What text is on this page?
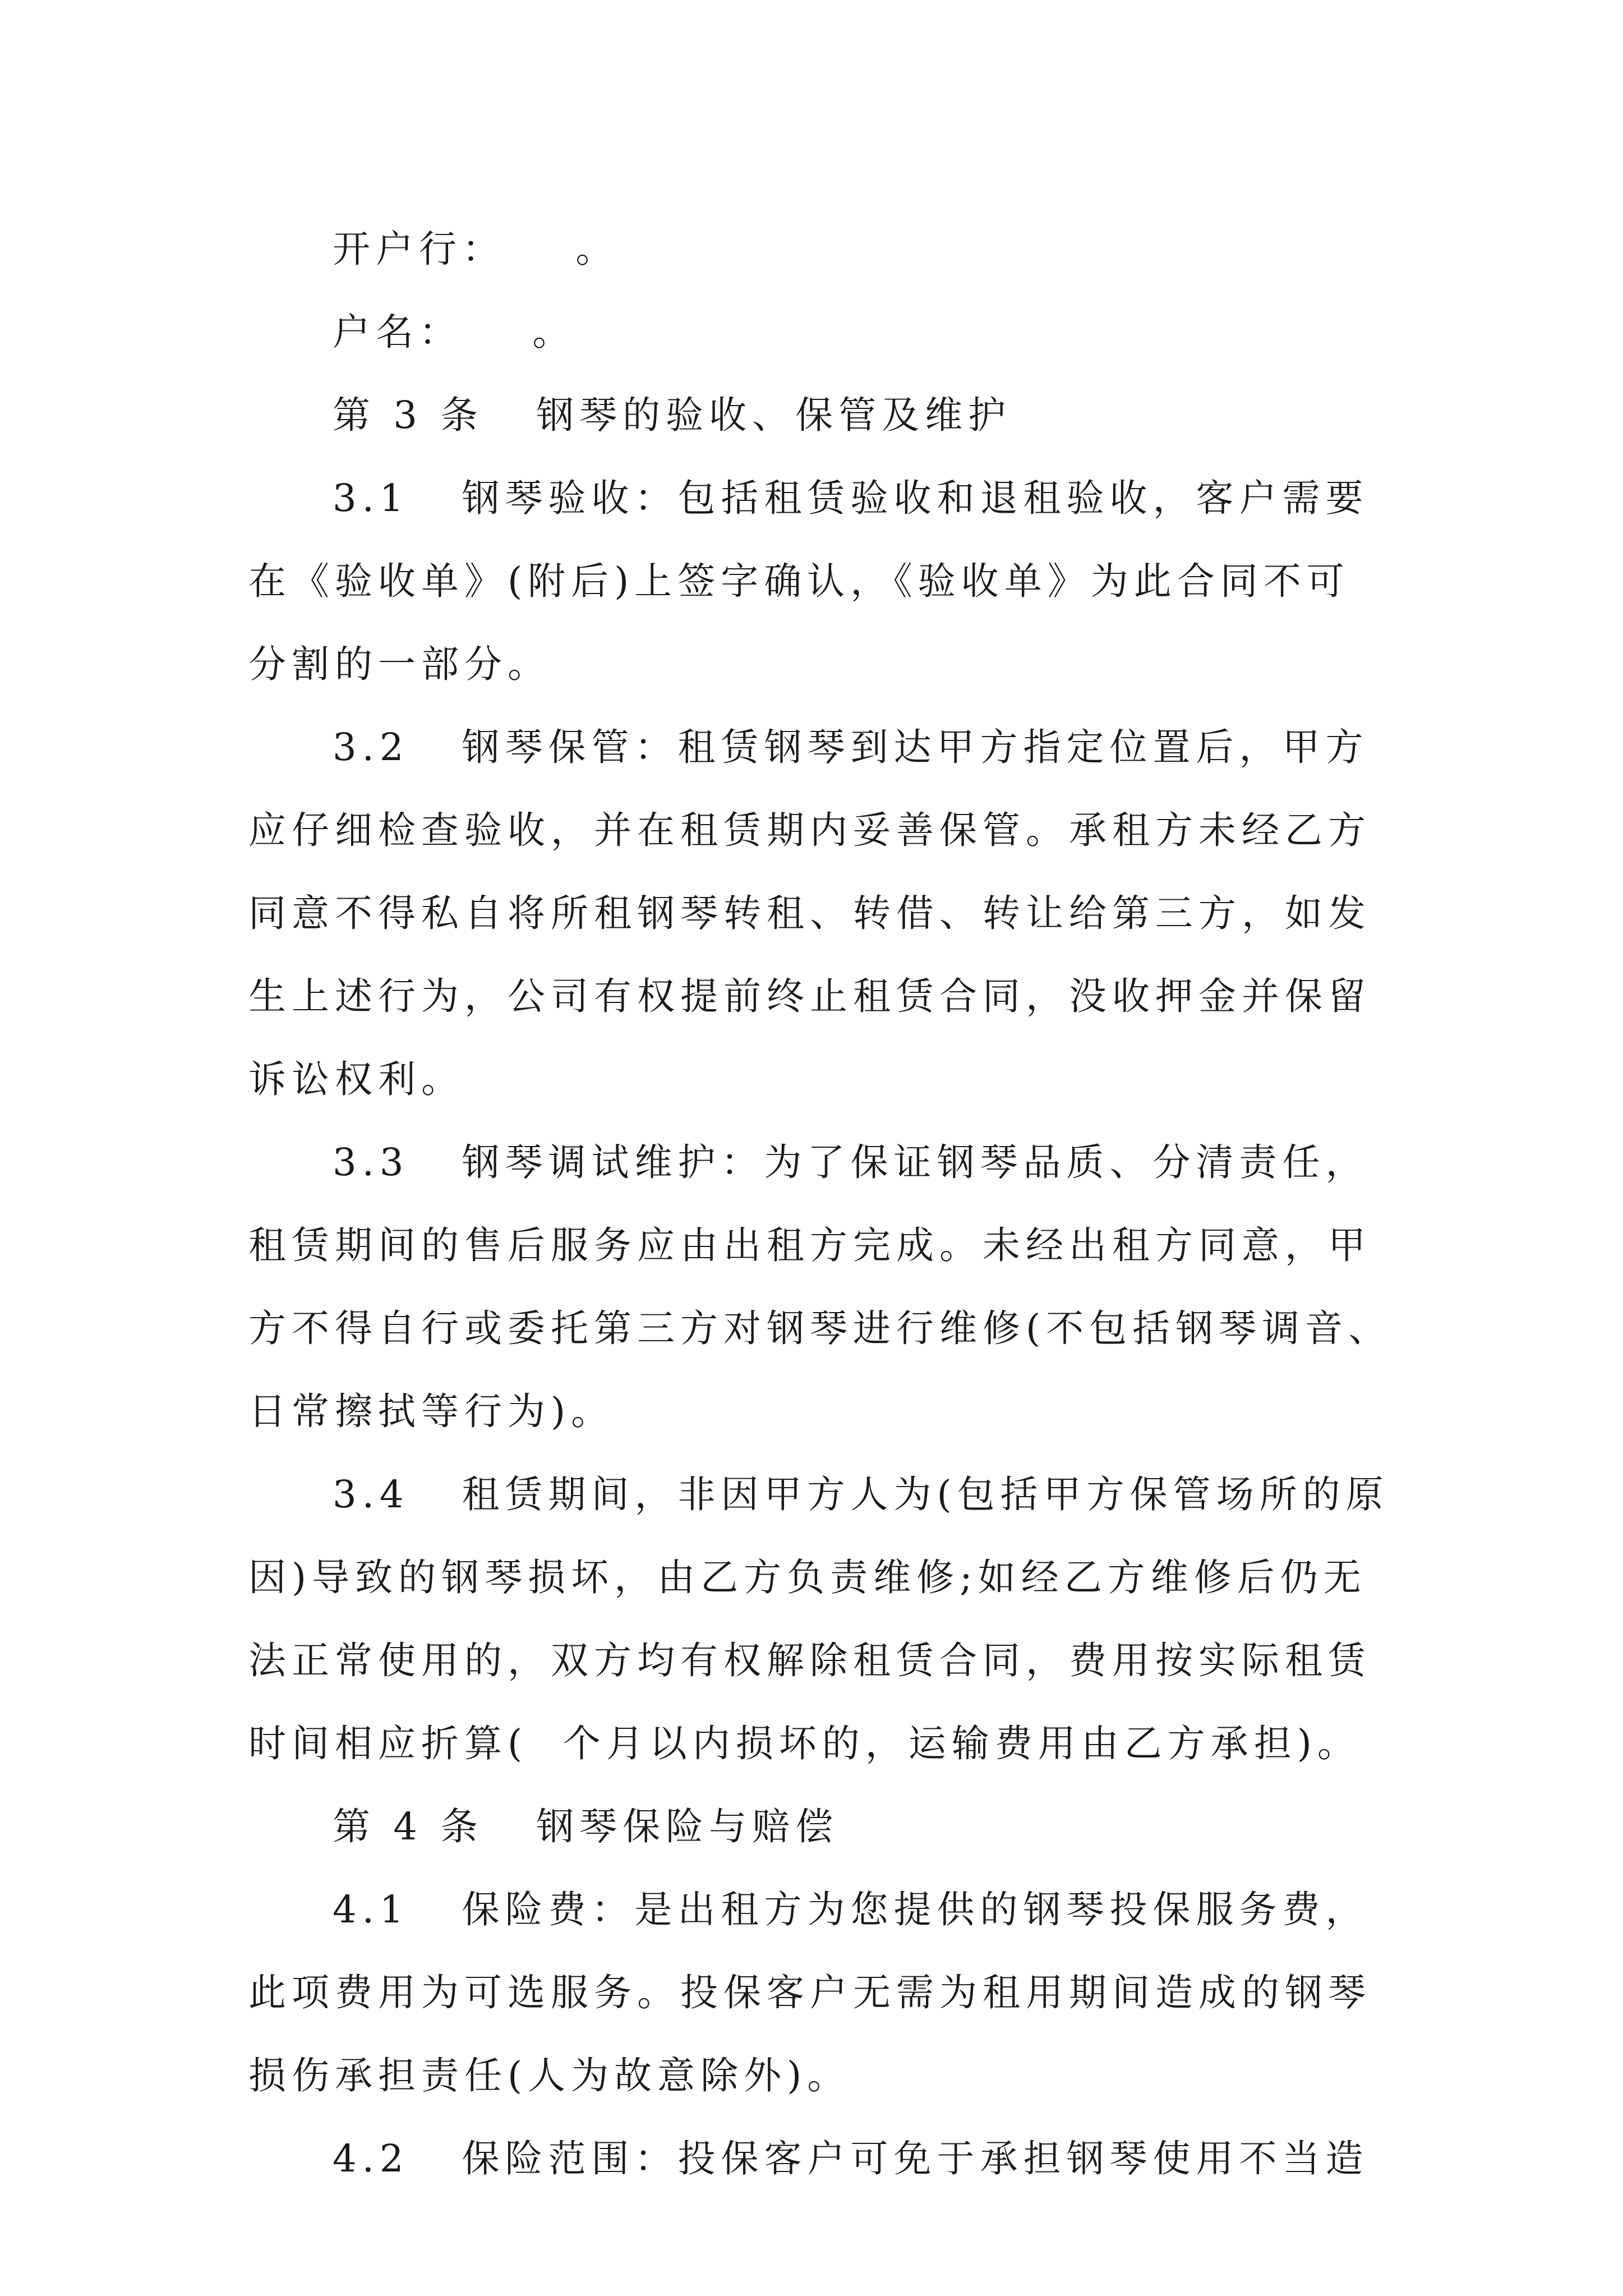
开户行：    。
户名：    。
第 3 条   钢琴的验收、保管及维护
3.1   钢琴验收：包括租赁验收和退租验收，客户需要
在《验收单》(附后)上签字确认，《验收单》为此合同不可
分割的一部分。
3.2   钢琴保管：租赁钢琴到达甲方指定位置后，甲方
应仔细检查验收，并在租赁期内妥善保管。承租方未经乙方
同意不得私自将所租钢琴转租、转借、转让给第三方，如发
生上述行为，公司有权提前终止租赁合同，没收押金并保留
诉讼权利。
3.3   钢琴调试维护：为了保证钢琴品质、分清责任，
租赁期间的售后服务应由出租方完成。未经出租方同意，甲
方不得自行或委托第三方对钢琴进行维修(不包括钢琴调音、
日常擦拭等行为)。
3.4   租赁期间，非因甲方人为(包括甲方保管场所的原
因)导致的钢琴损坏，由乙方负责维修;如经乙方维修后仍无
法正常使用的，双方均有权解除租赁合同，费用按实际租赁
时间相应折算(  个月以内损坏的，运输费用由乙方承担)。
第 4 条   钢琴保险与赔偿
4.1   保险费：是出租方为您提供的钢琴投保服务费，
此项费用为可选服务。投保客户无需为租用期间造成的钢琴
损伤承担责任(人为故意除外)。
4.2   保险范围：投保客户可免于承担钢琴使用不当造
